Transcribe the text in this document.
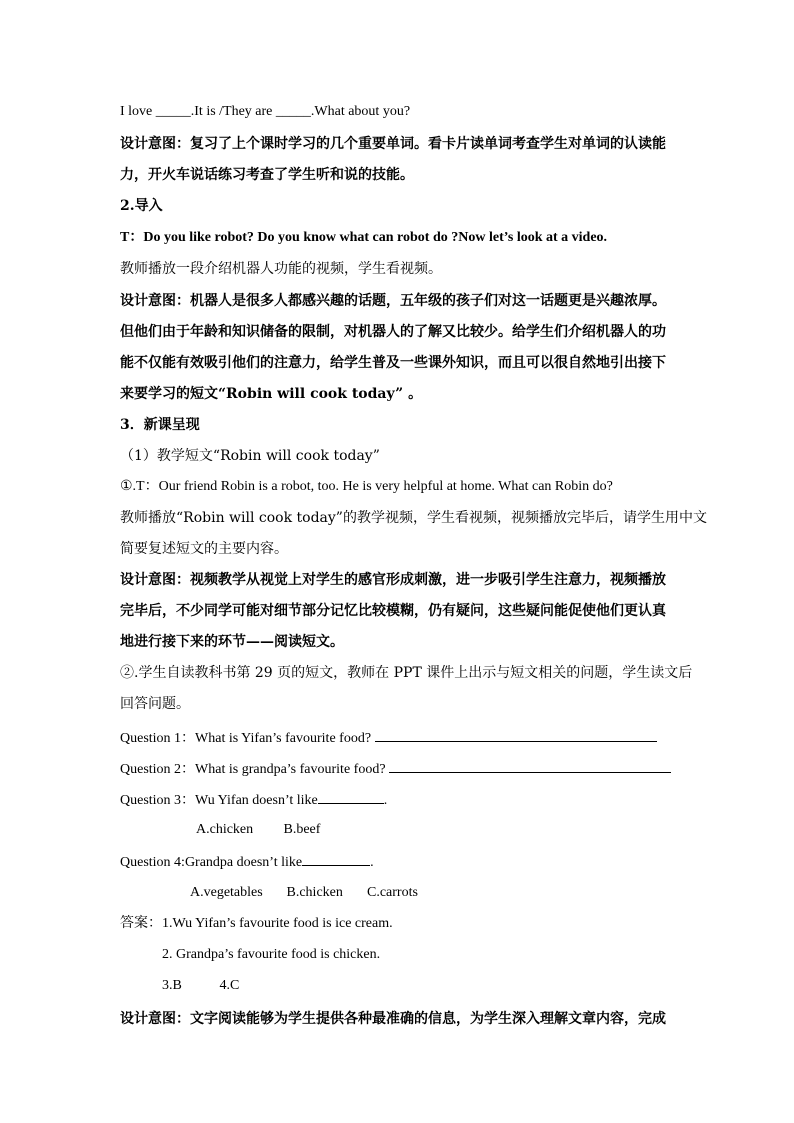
I love _____.It is /They are _____.What about you?
设计意图：复习了上个课时学习的几个重要单词。看卡片读单词考查学生对单词的认读能
力，开火车说话练习考查了学生听和说的技能。
2.导入
T：Do you like robot? Do you know what can robot do ?Now let’s look at a video.
教师播放一段介绍机器人功能的视频，学生看视频。
设计意图：机器人是很多人都感兴趣的话题，五年级的孩子们对这一话题更是兴趣浓厚。
但他们由于年龄和知识储备的限制，对机器人的了解又比较少。给学生们介绍机器人的功
能不仅能有效吸引他们的注意力，给学生普及一些课外知识，而且可以很自然地引出接下
来要学习的短文“Robin will cook today” 。
3．新课呈现
（1）教学短文“Robin will cook today”
①.T：Our friend Robin is a robot, too. He is very helpful at home. What can Robin do?
教师播放“Robin will cook today”的教学视频，学生看视频，视频播放完毕后，请学生用中文
简要复述短文的主要内容。
设计意图：视频教学从视觉上对学生的感官形成刺激，进一步吸引学生注意力，视频播放
完毕后，不少同学可能对细节部分记忆比较模糊，仍有疑问，这些疑问能促使他们更认真
地进行接下来的环节——阅读短文。
②.学生自读教科书第 29 页的短文，教师在 PPT 课件上出示与短文相关的问题，学生读文后
回答问题。
Question 1：What is Yifan’s favourite food?
Question 2：What is grandpa’s favourite food?
Question 3：Wu Yifan doesn’t like	.
A.chicken B.beef
Question 4:Grandpa doesn’t like	.
A.vegetables B.chicken C.carrots
答案：1.Wu Yifan’s favourite food is ice cream.
2. Grandpa’s favourite food is chicken.
3.B	4.C
设计意图：文字阅读能够为学生提供各种最准确的信息，为学生深入理解文章内容，完成
